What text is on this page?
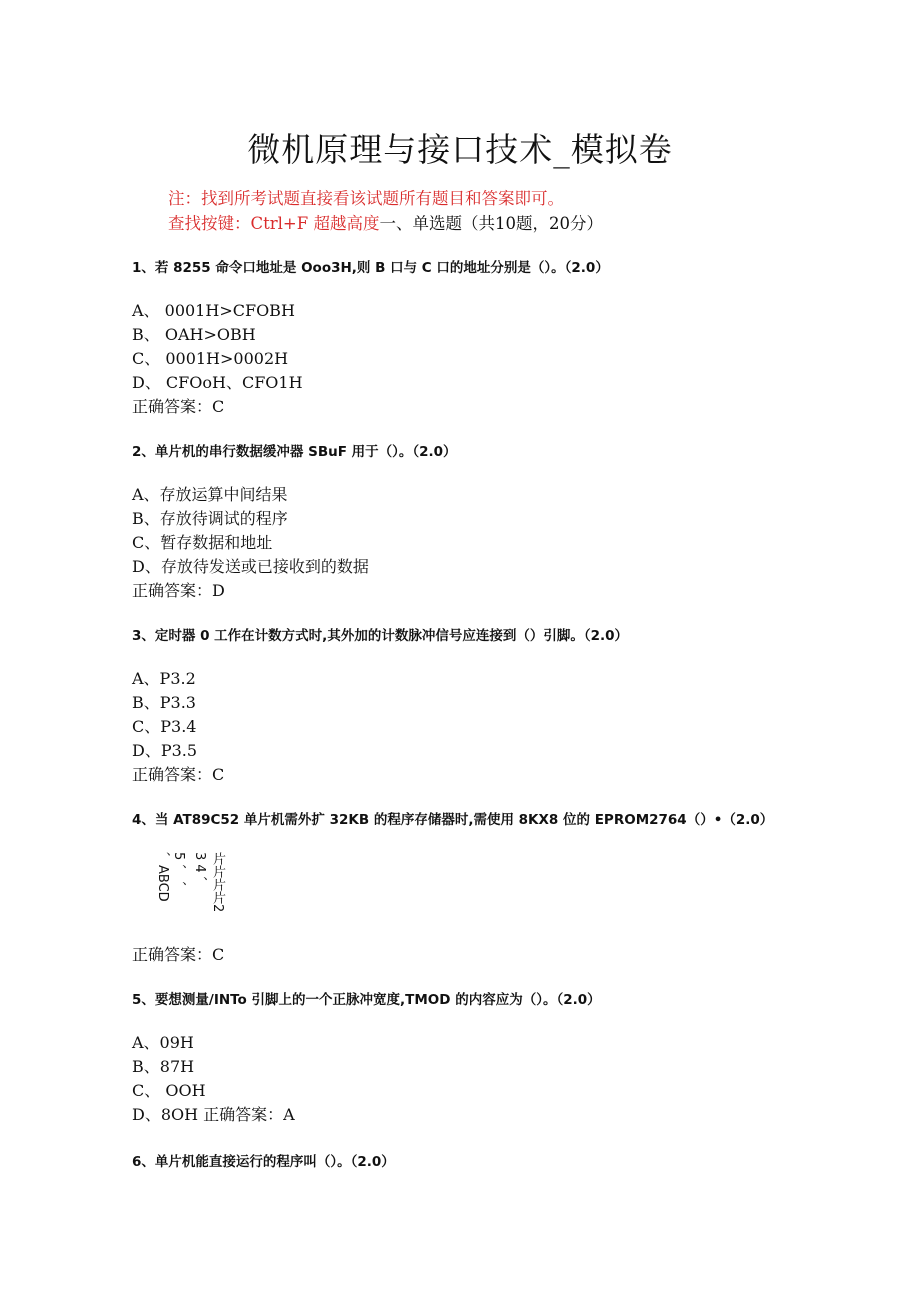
微机原理与接口技术_模拟卷
注：找到所考试题直接看该试题所有题目和答案即可。
查找按键：Ctrl+F 超越高度一、单选题（共10题，20分）
1、若 8255 命令口地址是 Ooo3H,则 B 口与 C 口的地址分别是（）。（2.0）
A、 0001H>CFOBH
B、 OAH>OBH
C、 0001H>0002H
D、 CFOoH、CFO1H
正确答案：C
2、单片机的串行数据缓冲器 SBuF 用于（）。（2.0）
A、存放运算中间结果
B、存放待调试的程序
C、暂存数据和地址
D、存放待发送或已接收到的数据
正确答案：D
3、定时器 0 工作在计数方式时,其外加的计数脉冲信号应连接到（）引脚。（2.0）
A、P3.2
B、P3.3
C、P3.4
D、P3.5
正确答案：C
4、当 AT89C52 单片机需外扩 32KB 的程序存储器时,需使用 8KX8 位的 EPROM2764（）•（2.0）
、ABCD 5 、 、 3 4 、 片片片片2
正确答案：C
5、要想测量/INTo 引脚上的一个正脉冲宽度,TMOD 的内容应为（）。（2.0）
A、09H
B、87H
C、 OOH
D、8OH 正确答案：A
6、单片机能直接运行的程序叫（）。（2.0）
